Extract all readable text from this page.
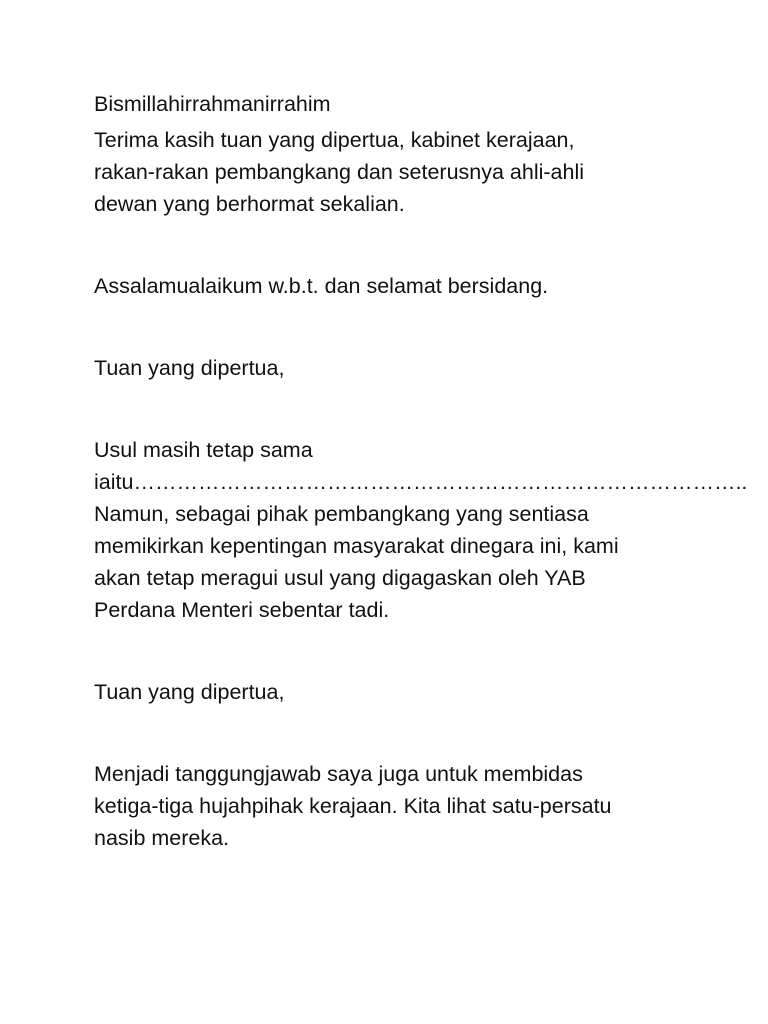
Bismillahirrahmanirrahim

Terima kasih tuan yang dipertua, kabinet kerajaan,
rakan-rakan pembangkang dan seterusnya ahli-ahli
dewan yang berhormat sekalian.

Assalamualaikum w.b.t. dan selamat bersidang.

Tuan yang dipertua,

Usul masih tetap sama
iaitu…………………………………………………………………………..
Namun, sebagai pihak pembangkang yang sentiasa
memikirkan kepentingan masyarakat dinegara ini, kami
akan tetap meragui usul yang digagaskan oleh YAB
Perdana Menteri sebentar tadi.

Tuan yang dipertua,

Menjadi tanggungjawab saya juga untuk membidas
ketiga-tiga hujahpihak kerajaan. Kita lihat satu-persatu
nasib mereka.
